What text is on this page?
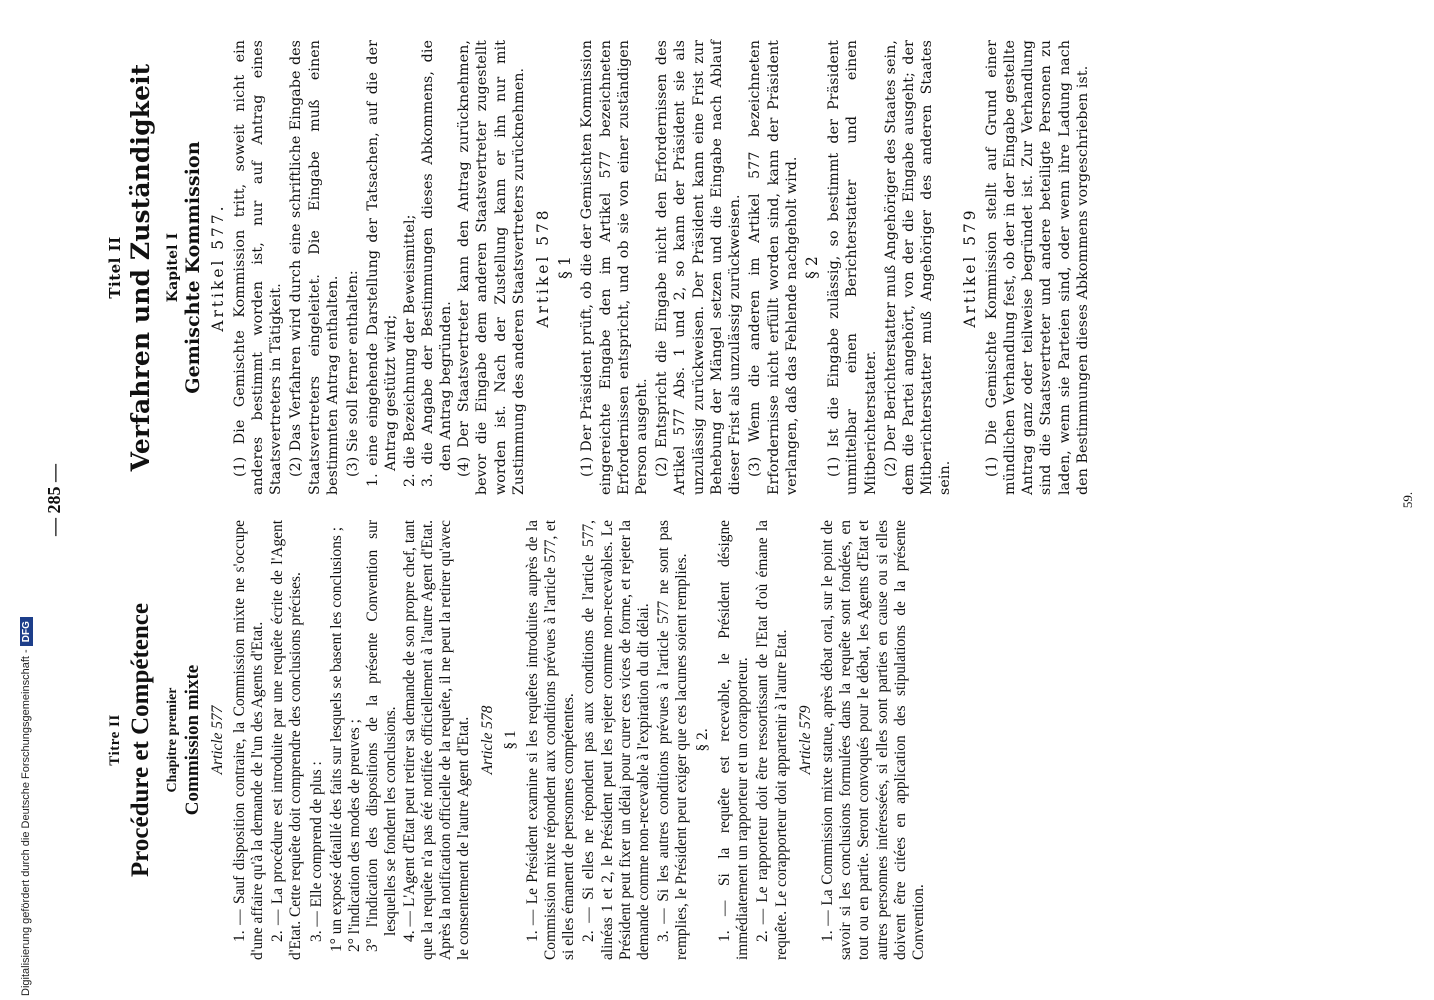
— 285 —
Titre II Procédure et Compétence Chapitre premier Commission mixte Article 577 1. — Sauf disposition contraire, la Commission mixte ne s'occupe d'une affaire qu'à la demande de l'un des Agents d'Etat. 2. — La procédure est introduite par une requête écrite de l'Agent d'Etat. Cette requête doit comprendre des conclusions précises. 3. — Elle comprend de plus : 1° un exposé détaillé des faits sur lesquels se basent les conclusions ; 2° l'indication des modes de preuves ; 3° l'indication des dispositions de la présente Convention sur lesquelles se fondent les conclusions. 4. — L'Agent d'Etat peut retirer sa demande de son propre chef, tant que la requête n'a pas été notifiée officiellement à l'autre Agent d'Etat. Après la notification officielle de la requête, il ne peut la retirer qu'avec le consentement de l'autre Agent d'Etat. Article 578 § 1 1. — Le Président examine si les requêtes introduites auprès de la Commission mixte répondent aux conditions prévues à l'article 577, et si elles émanent de personnes compétentes. 2. — Si elles ne répondent pas aux conditions de l'article 577, alinéas 1 et 2, le Président peut les rejeter comme non-recevables. Le Président peut fixer un délai pour curer ces vices de forme, et rejeter la demande comme non-recevable à l'expiration du dit délai. 3. — Si les autres conditions prévues à l'article 577 ne sont pas remplies, le Président peut exiger que ces lacunes soient remplies. § 2. 1. — Si la requête est recevable, le Président désigne immédiatement un rapporteur et un corapporteur. 2. — Le rapporteur doit être ressortissant de l'Etat d'où émane la requête. Le corapporteur doit appartenir à l'autre Etat. Article 579 1. — La Commission mixte statue, après débat oral, sur le point de savoir si les conclusions formulées dans la requête sont fondées, en tout ou en partie. Seront convoqués pour le débat, les Agents d'Etat et autres personnes intéressées, si elles sont parties en cause ou si elles doivent être citées en application des stipulations de la présente Convention.

Titel II Verfahren und Zuständigkeit Kapitel I Gemischte Kommission Artikel 577. (1) Die Gemischte Kommission tritt, soweit nicht ein anderes bestimmt worden ist, nur auf Antrag eines Staatsvertreters in Tätigkeit. (2) Das Verfahren wird durch eine schriftliche Eingabe des Staatsvertreters eingeleitet. Die Eingabe muß einen bestimmten Antrag enthalten. (3) Sie soll ferner enthalten: 1. eine eingehende Darstellung der Tatsachen, auf die der Antrag gestützt wird; 2. die Bezeichnung der Beweismittel; 3. die Angabe der Bestimmungen dieses Abkommens, die den Antrag begründen. (4) Der Staatsvertreter kann den Antrag zurücknehmen, bevor die Eingabe dem anderen Staatsvertreter zugestellt worden ist. Nach der Zustellung kann er ihn nur mit Zustimmung des anderen Staatsvertreters zurücknehmen. Artikel 578 § 1 (1) Der Präsident prüft, ob die der Gemischten Kommission eingereichte Eingabe den im Artikel 577 bezeichneten Erfordernissen entspricht, und ob sie von einer zuständigen Person ausgeht. (2) Entspricht die Eingabe nicht den Erfordernissen des Artikel 577 Abs. 1 und 2, so kann der Präsident sie als unzulässig zurückweisen. Der Präsident kann eine Frist zur Behebung der Mängel setzen und die Eingabe nach Ablauf dieser Frist als unzulässig zurückweisen. (3) Wenn die anderen im Artikel 577 bezeichneten Erfordernisse nicht erfüllt worden sind, kann der Präsident verlangen, daß das Fehlende nachgeholt wird. § 2 (1) Ist die Eingabe zulässig, so bestimmt der Präsident unmittelbar einen Berichterstatter und einen Mitberichterstatter. (2) Der Berichterstatter muß Angehöriger des Staates sein, dem die Partei angehört, von der die Eingabe ausgeht; der Mitberichterstatter muß Angehöriger des anderen Staates sein.

Artikel 579 (1) Die Gemischte Kommission stellt auf Grund einer mündlichen Verhandlung fest, ob der in der Eingabe gestellte Antrag ganz oder teilweise begründet ist. Zur Verhandlung sind die Staatsvertreter und andere beteiligte Personen zu laden, wenn sie Parteien sind, oder wenn ihre Ladung nach den Bestimmungen dieses Abkommens vorgeschrieben ist.

59.
Digitalisierung gefördert durch die Deutsche Forschungsgemeinschaft - DFG
